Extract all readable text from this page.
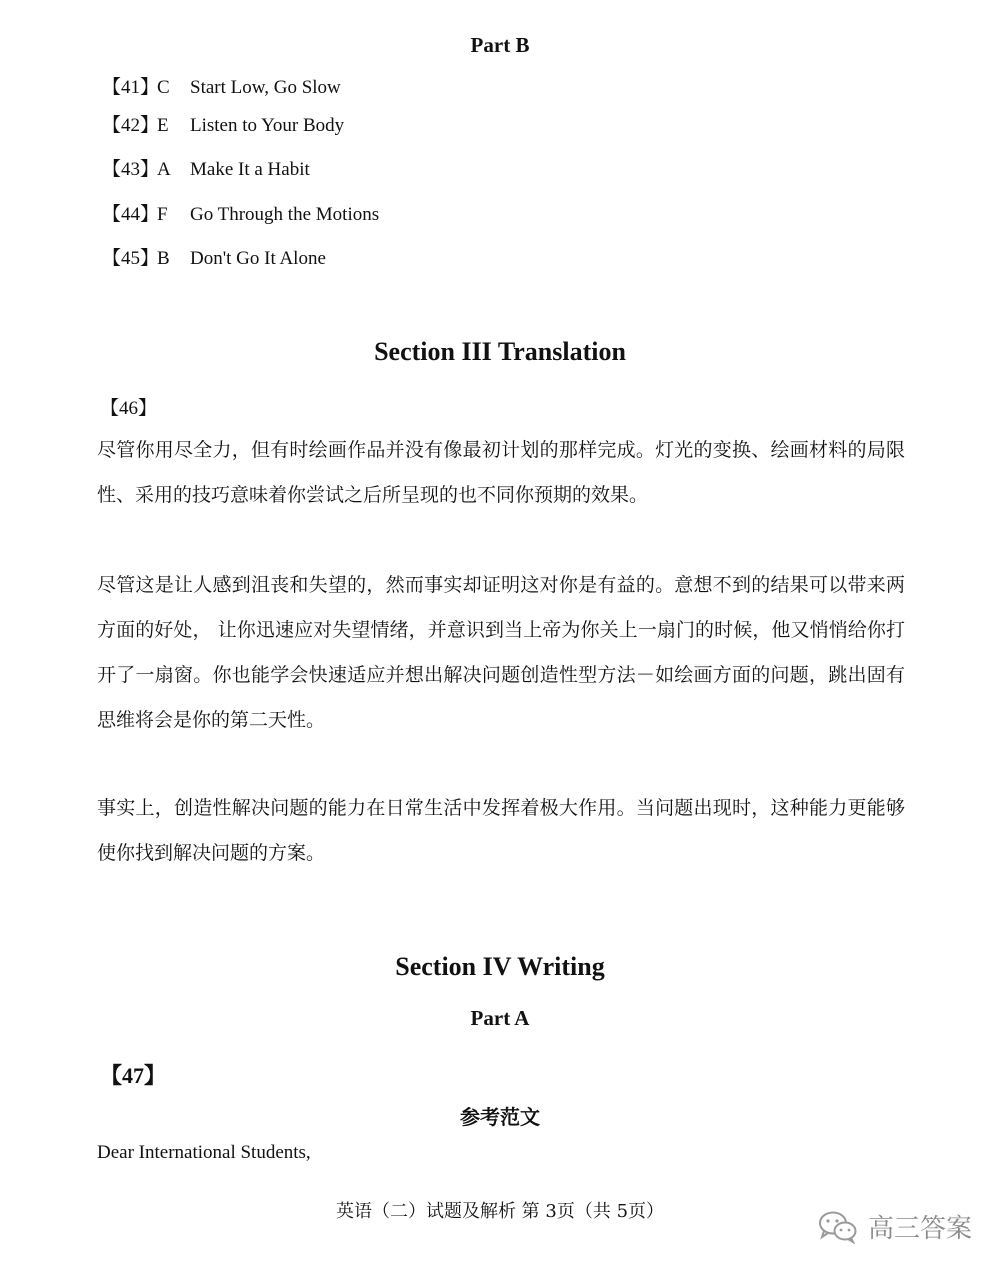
Part B
【41】C Start Low, Go Slow
【42】E Listen to Your Body
【43】A Make It a Habit
【44】F Go Through the Motions
【45】B Don't Go It Alone
Section III Translation
【46】
尽管你用尽全力，但有时绘画作品并没有像最初计划的那样完成。灯光的变换、绘画材料的局限性、采用的技巧意味着你尝试之后所呈现的也不同你预期的效果。
尽管这是让人感到沮丧和失望的，然而事实却证明这对你是有益的。意想不到的结果可以带来两方面的好处， 让你迅速应对失望情绪，并意识到当上帝为你关上一扇门的时候，他又悄悄给你打开了一扇窗。你也能学会快速适应并想出解决问题创造性型方法－如绘画方面的问题，跳出固有思维将会是你的第二天性。
事实上，创造性解决问题的能力在日常生活中发挥着极大作用。当问题出现时，这种能力更能够使你找到解决问题的方案。
Section IV Writing
Part A
【47】
参考范文
Dear International Students,
英语（二）试题及解析 第 3页（共 5页）
高三答案
